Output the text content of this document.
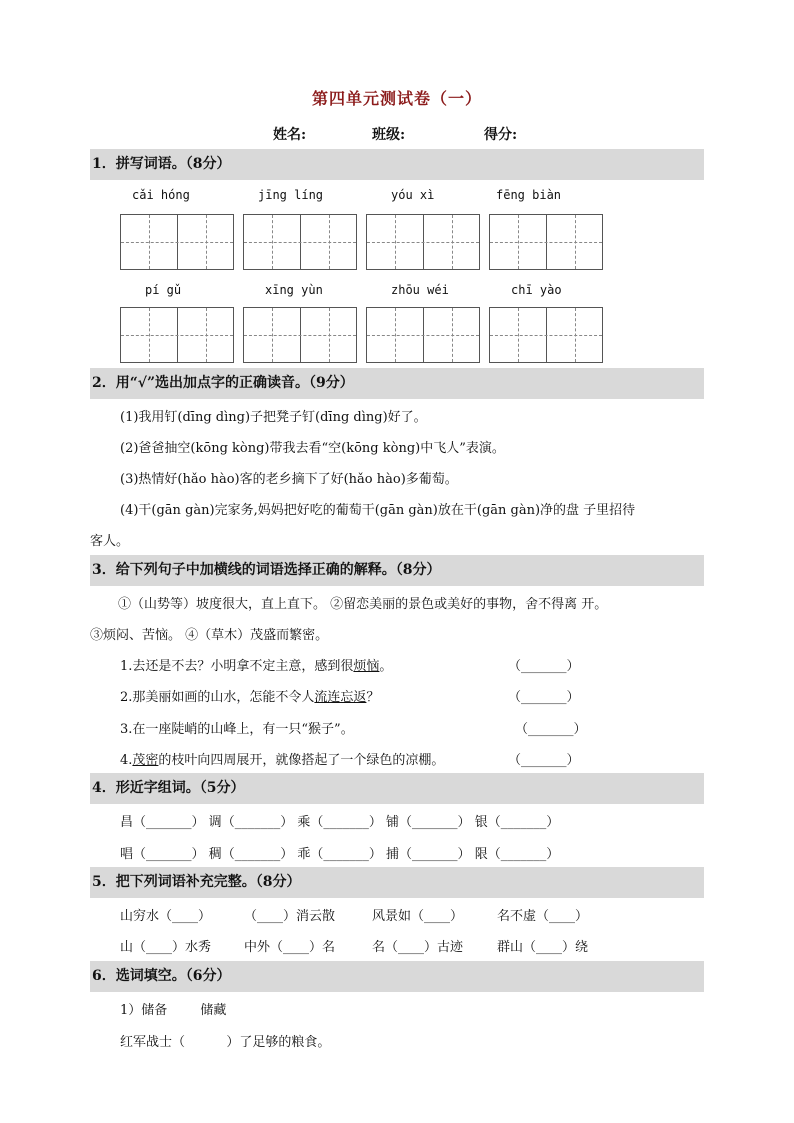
第四单元测试卷（一）
姓名:	班级:	得分:
1．拼写词语。（8分）
cǎi hóng	jīng líng	yóu xì	fēng biàn
pí gǔ	xīng yùn	zhōu wéi	chī yào
2．用“√”选出加点字的正确读音。（9分）
(1)我用钉(dīng dìng)子把凳子钉(dīng dìng)好了。
(2)爸爸抽空(kōng kòng)带我去看“空(kōng kòng)中飞人”表演。
(3)热情好(hǎo hào)客的老乡摘下了好(hǎo hào)多葡萄。
(4)干(gān gàn)完家务,妈妈把好吃的葡萄干(gān gàn)放在干(gān gàn)净的盘 子里招待
客人。
3．给下列句子中加横线的词语选择正确的解释。（8分）
①（山势等）坡度很大，直上直下。 ②留恋美丽的景色或美好的事物，舍不得离 开。
③烦闷、苦恼。 ④（草木）茂盛而繁密。
1.去还是不去？小明拿不定主意，感到很烦恼。	（_______）
2.那美丽如画的山水，怎能不令人流连忘返？	（_______）
3.在一座陡峭的山峰上，有一只“猴子”。	（_______）
4.茂密的枝叶向四周展开，就像搭起了一个绿色的凉棚。	（_______）
4．形近字组词。（5分）
昌（_______） 调（_______） 乘（_______） 铺（_______） 银（_______）
唱（_______） 稠（_______） 乖（_______） 捕（_______） 限（_______）
5．把下列词语补充完整。（8分）
山穷水（____）	（____）消云散	风景如（____）	名不虚（____）
山（____）水秀	中外（____）名	名（____）古迹	群山（____）绕
6．选词填空。（6分）
1）储备        储藏
红军战士（          ）了足够的粮食。
